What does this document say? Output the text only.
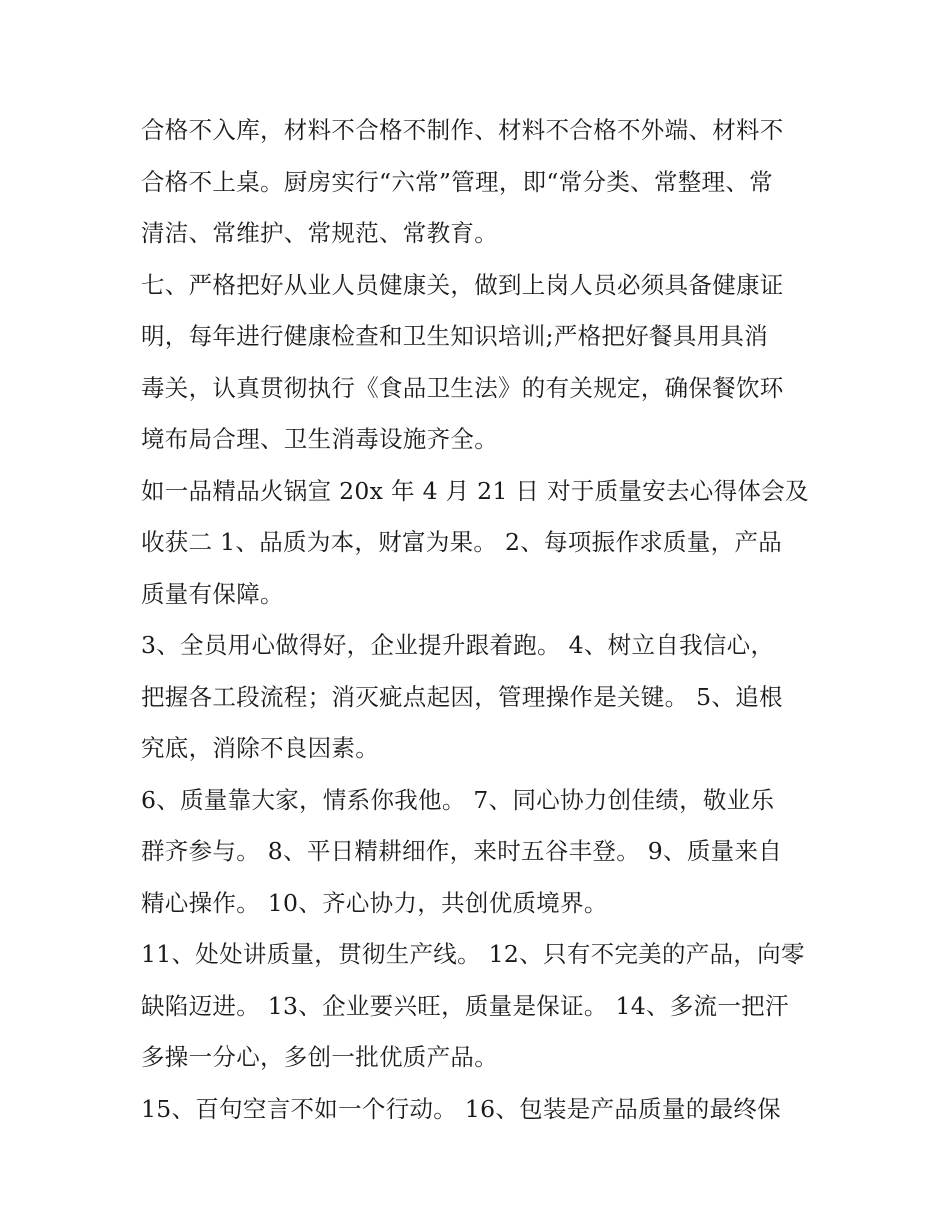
合格不入库，材料不合格不制作、材料不合格不外端、材料不
合格不上桌。厨房实行“六常”管理，即“常分类、常整理、常
清洁、常维护、常规范、常教育。

七、严格把好从业人员健康关，做到上岗人员必须具备健康证
明，每年进行健康检查和卫生知识培训;严格把好餐具用具消
毒关，认真贯彻执行《食品卫生法》的有关规定，确保餐饮环
境布局合理、卫生消毒设施齐全。

如一品精品火锅宣 20x 年 4 月 21 日 对于质量安去心得体会及
收获二 1、品质为本，财富为果。 2、每项振作求质量，产品
质量有保障。

3、全员用心做得好，企业提升跟着跑。 4、树立自我信心，
把握各工段流程；消灭疵点起因，管理操作是关键。 5、追根
究底，消除不良因素。

6、质量靠大家，情系你我他。 7、同心协力创佳绩，敬业乐
群齐参与。 8、平日精耕细作，来时五谷丰登。 9、质量来自
精心操作。 10、齐心协力，共创优质境界。

11、处处讲质量，贯彻生产线。 12、只有不完美的产品，向零
缺陷迈进。 13、企业要兴旺，质量是保证。 14、多流一把汗
多操一分心，多创一批优质产品。

15、百句空言不如一个行动。 16、包装是产品质量的最终保
